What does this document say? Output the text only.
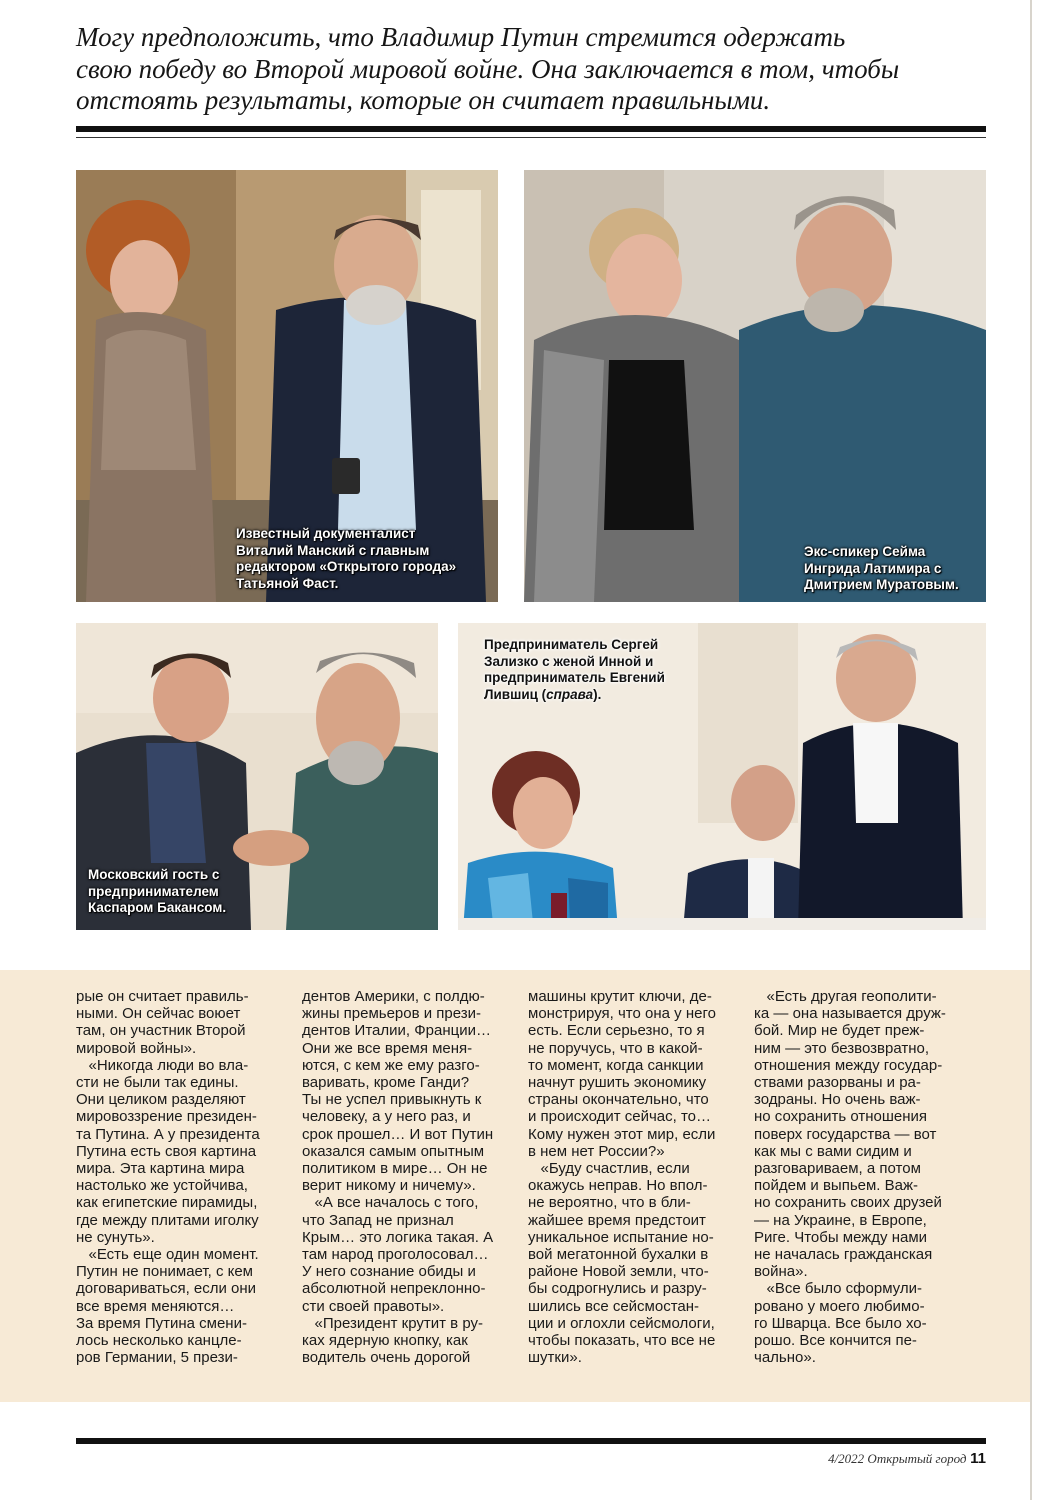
Могу предположить, что Владимир Путин стремится одержать
свою победу во Второй мировой войне. Она заключается в том, чтобы
отстоять результаты, которые он считает правильными.
Известный документалист
Виталий Манский с главным
редактором «Открытого города»
Татьяной Фаст.
Экс-спикер Сейма
Ингрида Латимира с
Дмитрием Муратовым.
Московский гость с
предпринимателем
Каспаром Бакансом.
Предприниматель Сергей
Зализко с женой Инной и
предприниматель Евгений
Лившиц (справа).
рые он считает правиль-
ными. Он сейчас воюет
там, он участник Второй
мировой войны».
«Никогда люди во вла-
сти не были так едины.
Они целиком разделяют
мировоззрение президен-
та Путина. А у президента
Путина есть своя картина
мира. Эта картина мира
настолько же устойчива,
как египетские пирамиды,
где между плитами иголку
не сунуть».
«Есть еще один момент.
Путин не понимает, с кем
договариваться, если они
все время меняются…
За время Путина смени-
лось несколько канцле-
ров Германии, 5 прези-
дентов Америки, с полдю-
жины премьеров и прези-
дентов Италии, Франции…
Они же все время меня-
ются, с кем же ему разго-
варивать, кроме Ганди?
Ты не успел привыкнуть к
человеку, а у него раз, и
срок прошел… И вот Путин
оказался самым опытным
политиком в мире… Он не
верит никому и ничему».
«А все началось с того,
что Запад не признал
Крым… это логика такая. А
там народ проголосовал…
У него сознание обиды и
абсолютной непреклонно-
сти своей правоты».
«Президент крутит в ру-
ках ядерную кнопку, как
водитель очень дорогой
машины крутит ключи, де-
монстрируя, что она у него
есть. Если серьезно, то я
не поручусь, что в какой-
то момент, когда санкции
начнут рушить экономику
страны окончательно, что
и происходит сейчас, то…
Кому нужен этот мир, если
в нем нет России?»
«Буду счастлив, если
окажусь неправ. Но впол-
не вероятно, что в бли-
жайшее время предстоит
уникальное испытание но-
вой мегатонной бухалки в
районе Новой земли, что-
бы содрогнулись и разру-
шились все сейсмостан-
ции и оглохли сейсмологи,
чтобы показать, что все не
шутки».
«Есть другая геополити-
ка — она называется друж-
бой. Мир не будет преж-
ним — это безвозвратно,
отношения между государ-
ствами разорваны и ра-
зодраны. Но очень важ-
но сохранить отношения
поверх государства — вот
как мы с вами сидим и
разговариваем, а потом
пойдем и выпьем. Важ-
но сохранить своих друзей
— на Украине, в Европе,
Риге. Чтобы между нами
не началась гражданская
война».
«Все было сформули-
ровано у моего любимо-
го Шварца. Все было хо-
рошо. Все кончится пе-
чально».
4/2022 Открытый город 11
